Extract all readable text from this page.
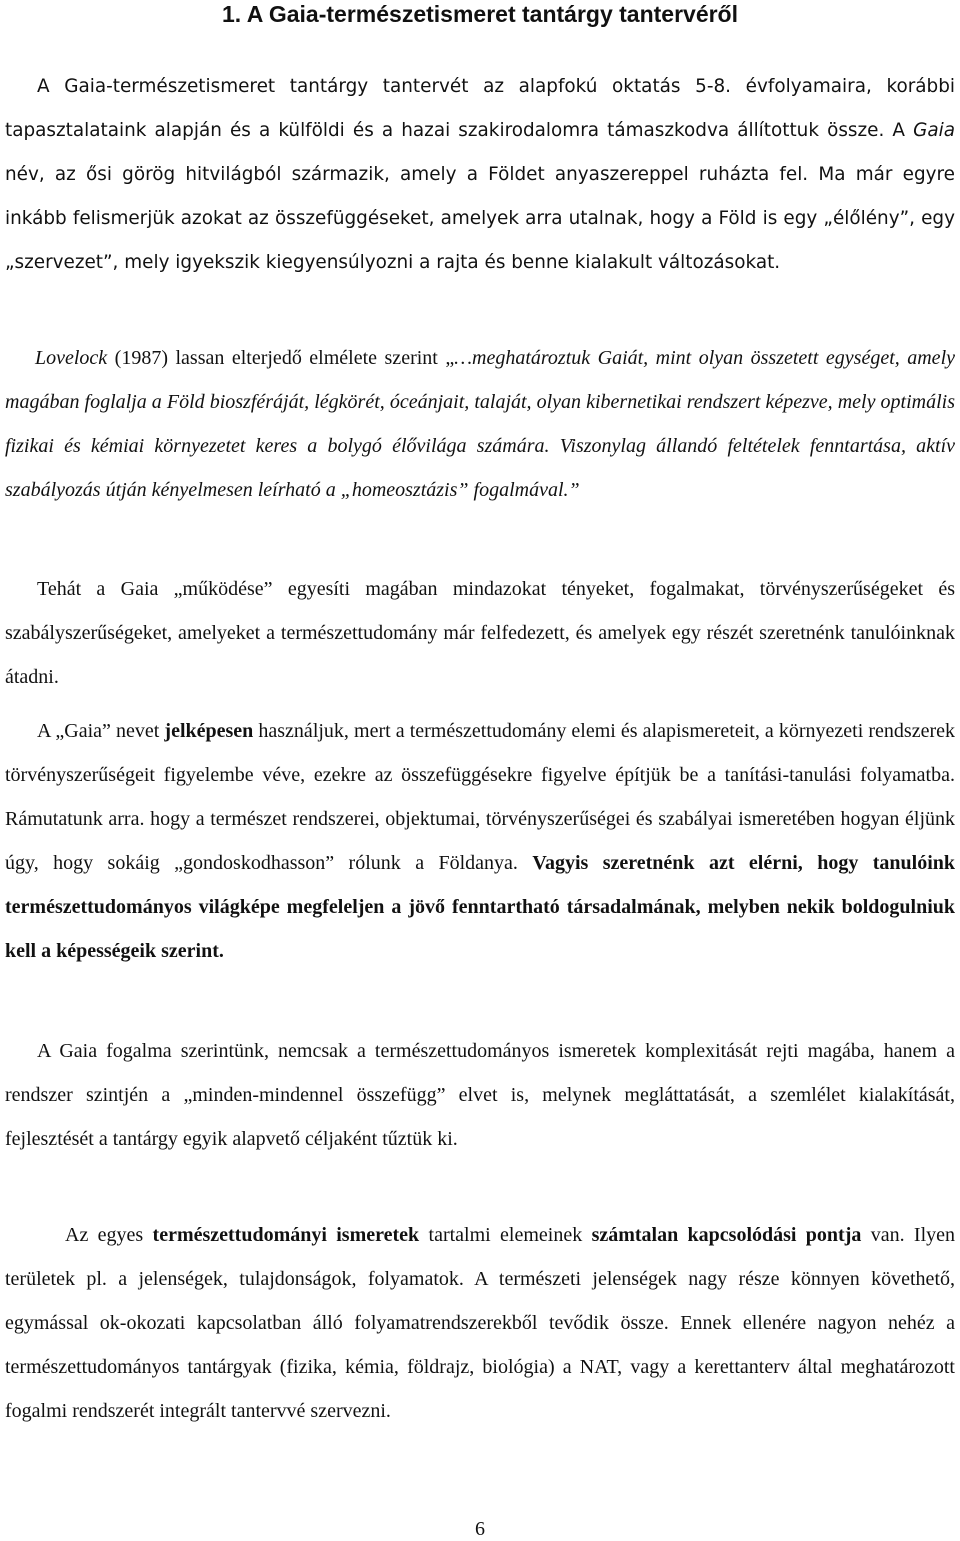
1. A Gaia-természetismeret tantárgy tantervéről

A Gaia-természetismeret tantárgy tantervét az alapfokú oktatás 5-8. évfolyamaira, korábbi tapasztalataink alapján és a külföldi és a hazai szakirodalomra támaszkodva állítottuk össze. A Gaia név, az ősi görög hitvilágból származik, amely a Földet anyaszereppel ruházta fel. Ma már egyre inkább felismerjük azokat az összefüggéseket, amelyek arra utalnak, hogy a Föld is egy „élőlény”, egy „szervezet”, mely igyekszik kiegyensúlyozni a rajta és benne kialakult változásokat.

Lovelock (1987) lassan elterjedő elmélete szerint „…meghatároztuk Gaiát, mint olyan összetett egységet, amely magában foglalja a Föld bioszféráját, légkörét, óceánjait, talaját, olyan kibernetikai rendszert képezve, mely optimális fizikai és kémiai környezetet keres a bolygó élővilága számára. Viszonylag állandó feltételek fenntartása, aktív szabályozás útján kényelmesen leírható a „homeosztázis” fogalmával.”

Tehát a Gaia „működése” egyesíti magában mindazokat tényeket, fogalmakat, törvényszerűségeket és szabályszerűségeket, amelyeket a természettudomány már felfedezett, és amelyek egy részét szeretnénk tanulóinknak átadni.

A „Gaia” nevet jelképesen használjuk, mert a természettudomány elemi és alapismereteit, a környezeti rendszerek törvényszerűségeit figyelembe véve, ezekre az összefüggésekre figyelve építjük be a tanítási-tanulási folyamatba. Rámutatunk arra. hogy a természet rendszerei, objektumai, törvényszerűségei és szabályai ismeretében hogyan éljünk úgy, hogy sokáig „gondoskodhasson” rólunk a Földanya. Vagyis szeretnénk azt elérni, hogy tanulóink természettudományos világképe megfeleljen a jövő fenntartható társadalmának, melyben nekik boldogulniuk kell a képességeik szerint.

A Gaia fogalma szerintünk, nemcsak a természettudományos ismeretek komplexitását rejti magába, hanem a rendszer szintjén a „minden-mindennel összefügg” elvet is, melynek megláttatását, a szemlélet kialakítását, fejlesztését a tantárgy egyik alapvető céljaként tűztük ki.

Az egyes természettudományi ismeretek tartalmi elemeinek számtalan kapcsolódási pontja van. Ilyen területek pl. a jelenségek, tulajdonságok, folyamatok. A természeti jelenségek nagy része könnyen követhető, egymással ok-okozati kapcsolatban álló folyamatrendszerekből tevődik össze. Ennek ellenére nagyon nehéz a természettudományos tantárgyak (fizika, kémia, földrajz, biológia) a NAT, vagy a kerettanterv által meghatározott fogalmi rendszerét integrált tantervvé szervezni.

6
